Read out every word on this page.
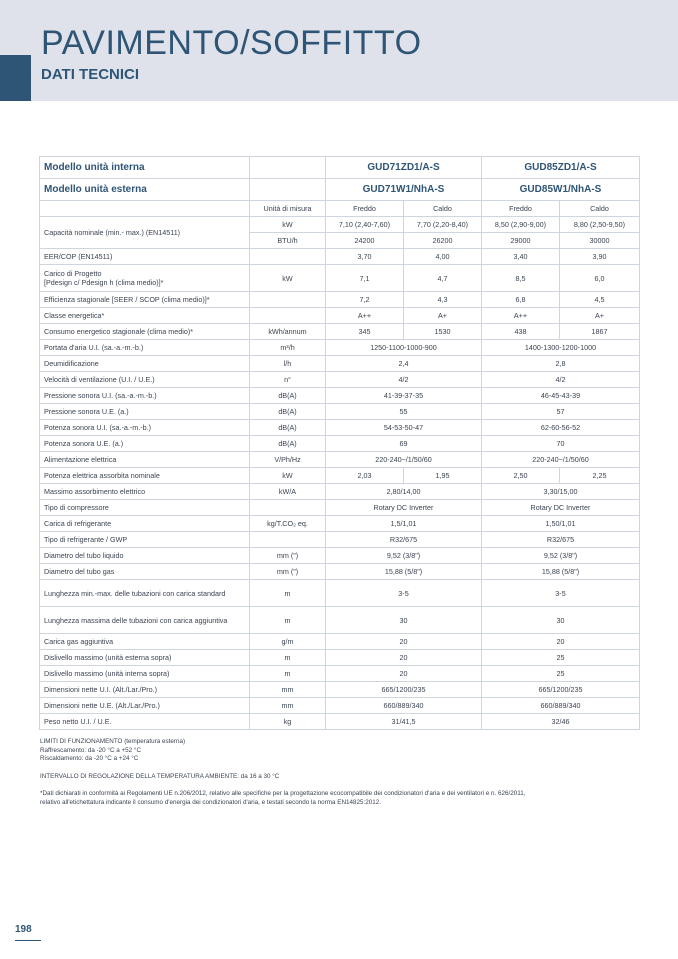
PAVIMENTO/SOFFITTO
DATI TECNICI
Modello unità interna		GUD71ZD1/A-S		GUD85ZD1/A-S	
Modello unità esterna		GUD71W1/NhA-S		GUD85W1/NhA-S	
	Unità di misura	Freddo	Caldo	Freddo	Caldo
Capacità nominale (min.- max.) (EN14511)	kW	7,10 (2,40-7,60)	7,70 (2,20-8,40)	8,50 (2,90-9,00)	8,80 (2,50-9,50)
	BTU/h	24200	26200	29000	30000
EER/COP (EN14511)		3,70	4,00	3,40	3,90
Carico di Progetto
[Pdesign c/ Pdesign h (clima medio)]*	kW	7,1	4,7	8,5	6,0
Efficienza stagionale [SEER / SCOP (clima medio)]*		7,2	4,3	6,8	4,5
Classe energetica*		A++	A+	A++	A+
Consumo energetico stagionale (clima medio)*	kWh/annum	345	1530	438	1867
Portata d'aria U.I. (sa.-a.-m.-b.)	m³/h	1250-1100-1000-900		1400-1300-1200-1000	
Deumidificazione	l/h	2,4		2,8	
Velocità di ventilazione (U.I. / U.E.)	n°	4/2		4/2	
Pressione sonora U.I. (sa.-a.-m.-b.)	dB(A)	41-39-37-35		46-45-43-39	
Pressione sonora U.E. (a.)	dB(A)	55		57	
Potenza sonora U.I. (sa.-a.-m.-b.)	dB(A)	54-53-50-47		62-60-56-52	
Potenza sonora U.E. (a.)	dB(A)	69		70	
Alimentazione elettrica	V/Ph/Hz	220-240~/1/50/60		220-240~/1/50/60	
Potenza elettrica assorbita nominale	kW	2,03	1,95	2,50	2,25
Massimo assorbimento elettrico	kW/A	2,80/14,00		3,30/15,00	
Tipo di compressore		Rotary DC Inverter		Rotary DC Inverter	
Carica di refrigerante	kg/T.CO₂ eq.	1,5/1,01		1,50/1,01	
Tipo di refrigerante / GWP		R32/675		R32/675	
Diametro del tubo liquido	mm (")	9,52 (3/8")		9,52 (3/8")	
Diametro del tubo gas	mm (")	15,88 (5/8")		15,88 (5/8")	
Lunghezza min.-max. delle tubazioni con carica standard	m	3-5		3-5	
Lunghezza massima delle tubazioni con carica aggiuntiva	m	30		30	
Carica gas aggiuntiva	g/m	20		20	
Dislivello massimo (unità esterna sopra)	m	20		25	
Dislivello massimo (unità interna sopra)	m	20		25	
Dimensioni nette U.I. (Alt./Lar./Pro.)	mm	665/1200/235		665/1200/235	
Dimensioni nette U.E. (Alt./Lar./Pro.)	mm	660/889/340		660/889/340	
Peso netto U.I. / U.E.	kg	31/41,5		32/46	

LIMITI DI FUNZIONAMENTO (temperatura esterna)

Raffrescamento: da -20 °C a +52 °C

Riscaldamento: da -20 °C a +24 °C

INTERVALLO DI REGOLAZIONE DELLA TEMPERATURA AMBIENTE: da 16 a 30 °C

*Dati dichiarati in conformità ai Regolamenti UE n.206/2012, relativo alle specifiche per la progettazione ecocompatibile dei condizionatori d'aria e dei ventilatori e n. 626/2011,

relativo all'etichettatura indicante il consumo d'energia dei condizionatori d'aria, e testati secondo la norma EN14825:2012.

198
